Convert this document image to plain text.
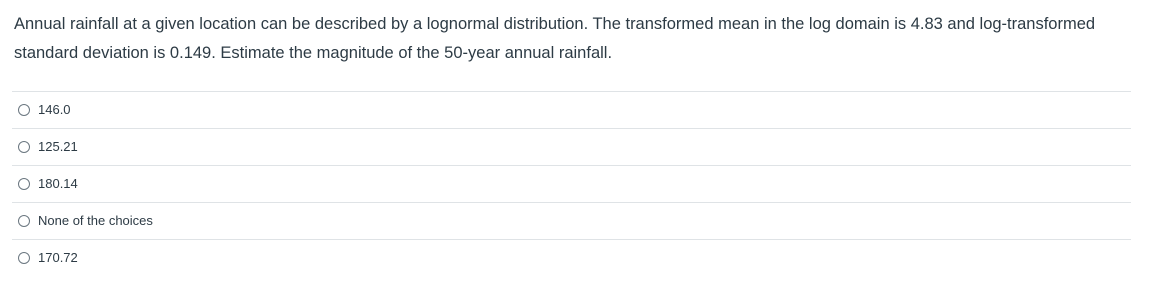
Annual rainfall at a given location can be described by a lognormal distribution. The transformed mean in the log domain is 4.83 and log-transformed standard deviation is 0.149. Estimate the magnitude of the 50-year annual rainfall.

146.0
125.21
180.14
None of the choices
170.72
